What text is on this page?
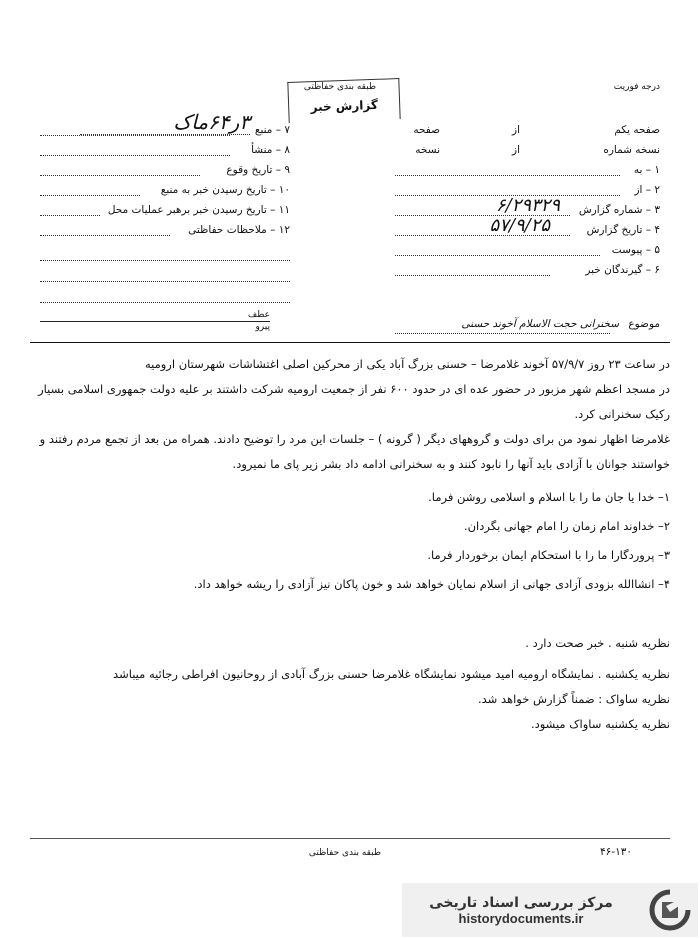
طبقه بندی حفاظتی
گزارش خبر
درجه فوریت
۳ر۶۴ماک ۷ – منبع
۸ – منشأ
۹ – تاریخ وقوع
۱۰ – تاریخ رسیدن خبر به منبع
۱۱ – تاریخ رسیدن خبر برهبر عملیات محل
۱۲ – ملاحظات حفاظتی
صفحه یکم
از
صفحه
نسخه شماره
از
نسخه
۱ – به
۲ – از
۳ – شماره گزارش
۶/۲۹۳۲۹
۴ – تاریخ گزارش
۵۷/۹/۲۵
۵ – پیوست
۶ – گیرندگان خبر
عطف
پیرو	موضوع سخنرانی حجت الاسلام آخوند حسنی
در ساعت ۲۳ روز ۵۷/۹/۷ آخوند غلامرضا – حسنی بزرگ آباد یکی از محرکین اصلی اغتشاشات شهرستان ارومیه
در مسجد اعظم شهر مزبور در حضور عده ای در حدود ۶۰۰ نفر از جمعیت ارومیه شرکت داشتند بر علیه دولت جمهوری اسلامی بسیار رکیک سخنرانی کرد.
غلامرضا اظهار نمود من برای دولت و گروههای دیگر ( گرونه ) – جلسات این مرد را توضیح دادند. همراه من بعد از تجمع مردم رفتند و
خواستند جوانان با آزادی باید آنها را نابود کنند و به سخنرانی ادامه داد بشر زیر پای ما نمیرود.
۱– خدا یا جان ما را با اسلام و اسلامی روشن فرما.
۲– خداوند امام زمان را امام جهانی بگردان.
۳– پروردگارا ما را با استحکام ایمان برخوردار فرما.
۴– انشاالله بزودی آزادی جهانی از اسلام نمایان خواهد شد و خون پاکان نیز آزادی را ریشه خواهد داد.
نظریه شنبه . خبر صحت دارد .
نظریه یکشنبه . نمایشگاه ارومیه امید میشود نمایشگاه غلامرضا حسنی بزرگ آبادی از روحانیون افراطی رجائیه میباشد
نظریه ساواک : ضمناً گزارش خواهد شد.
نظریه یکشنبه ساواک میشود.
طبقه بندی حفاظتی	۴۶-۱۳۰
مرکز بررسی اسناد تاریخی
historydocuments.ir
